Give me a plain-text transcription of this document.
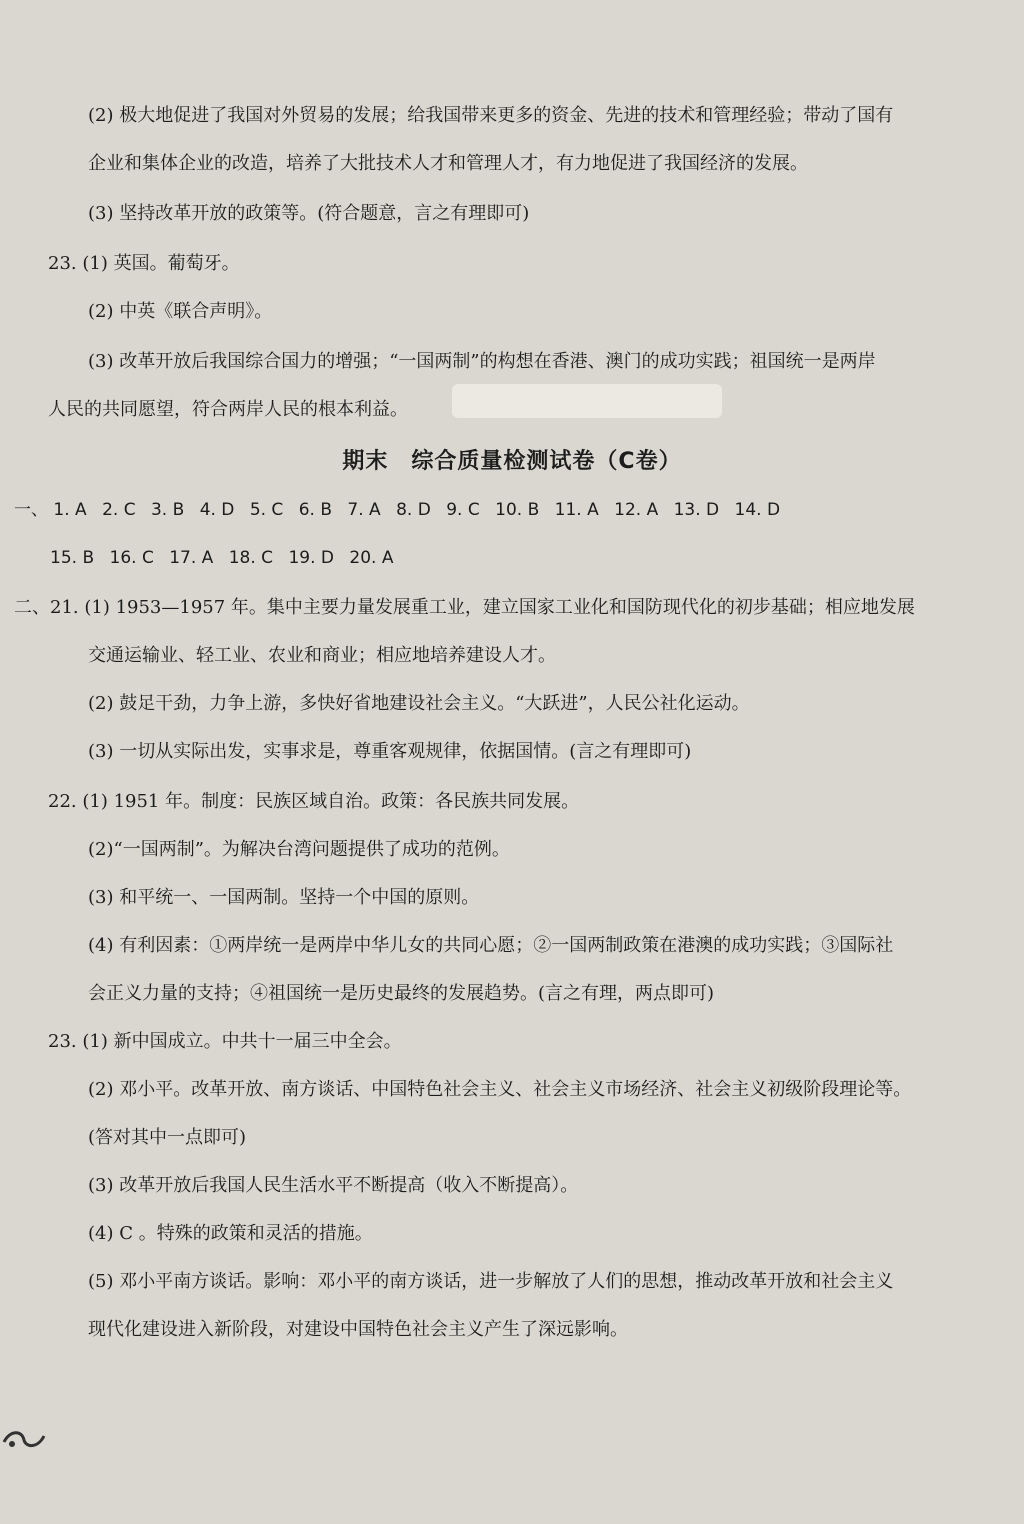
(2) 极大地促进了我国对外贸易的发展；给我国带来更多的资金、先进的技术和管理经验；带动了国有
企业和集体企业的改造，培养了大批技术人才和管理人才，有力地促进了我国经济的发展。
(3) 坚持改革开放的政策等。(符合题意，言之有理即可)
23. (1) 英国。葡萄牙。
(2) 中英《联合声明》。
(3) 改革开放后我国综合国力的增强；“一国两制”的构想在香港、澳门的成功实践；祖国统一是两岸
人民的共同愿望，符合两岸人民的根本利益。
期末　综合质量检测试卷（C卷）
一、 1. A 2. C 3. B 4. D 5. C 6. B 7. A 8. D 9. C 10. B 11. A 12. A 13. D 14. D
15. B 16. C 17. A 18. C 19. D 20. A
二、21. (1) 1953—1957 年。集中主要力量发展重工业，建立国家工业化和国防现代化的初步基础；相应地发展
交通运输业、轻工业、农业和商业；相应地培养建设人才。
(2) 鼓足干劲，力争上游，多快好省地建设社会主义。“大跃进”，人民公社化运动。
(3) 一切从实际出发，实事求是，尊重客观规律，依据国情。(言之有理即可)
22. (1) 1951 年。制度：民族区域自治。政策：各民族共同发展。
(2)“一国两制”。为解决台湾问题提供了成功的范例。
(3) 和平统一、一国两制。坚持一个中国的原则。
(4) 有利因素：①两岸统一是两岸中华儿女的共同心愿；②一国两制政策在港澳的成功实践；③国际社
会正义力量的支持；④祖国统一是历史最终的发展趋势。(言之有理，两点即可)
23. (1) 新中国成立。中共十一届三中全会。
(2) 邓小平。改革开放、南方谈话、中国特色社会主义、社会主义市场经济、社会主义初级阶段理论等。
(答对其中一点即可)
(3) 改革开放后我国人民生活水平不断提高（收入不断提高）。
(4) C 。特殊的政策和灵活的措施。
(5) 邓小平南方谈话。影响：邓小平的南方谈话，进一步解放了人们的思想，推动改革开放和社会主义
现代化建设进入新阶段，对建设中国特色社会主义产生了深远影响。
